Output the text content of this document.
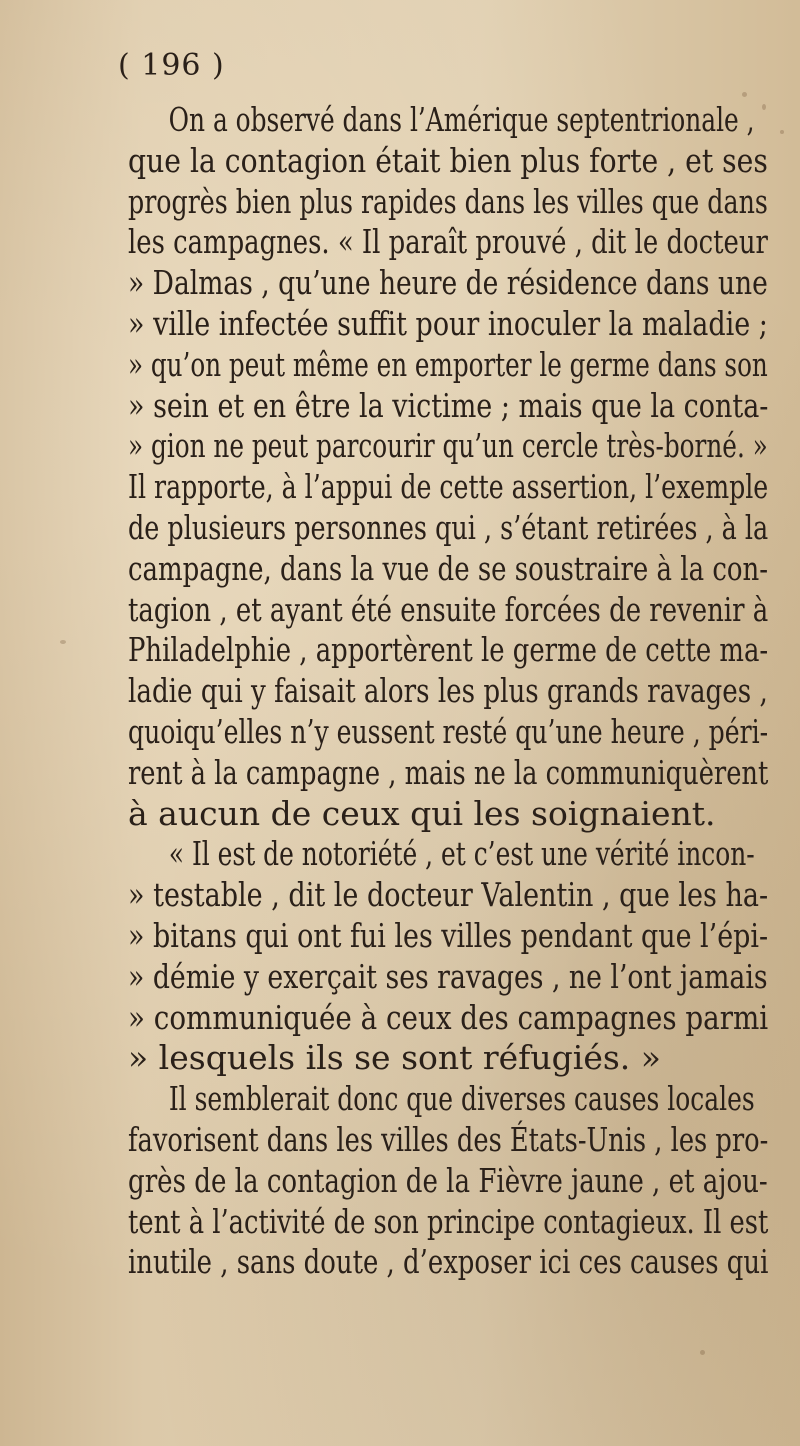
( 196 )
On a observé dans l’Amérique septentrionale ,
que la contagion était bien plus forte , et ses
progrès bien plus rapides dans les villes que dans
les campagnes. « Il paraît prouvé , dit le docteur
» Dalmas , qu’une heure de résidence dans une
» ville infectée suffit pour inoculer la maladie ;
» qu’on peut même en emporter le germe dans son
» sein et en être la victime ; mais que la conta-
» gion ne peut parcourir qu’un cercle très-borné. »
Il rapporte, à l’appui de cette assertion, l’exemple
de plusieurs personnes qui , s’étant retirées , à la
campagne, dans la vue de se soustraire à la con-
tagion , et ayant été ensuite forcées de revenir à
Philadelphie , apportèrent le germe de cette ma-
ladie qui y faisait alors les plus grands ravages ,
quoiqu’elles n’y eussent resté qu’une heure , péri-
rent à la campagne , mais ne la communiquèrent
à aucun de ceux qui les soignaient.
« Il est de notoriété , et c’est une vérité incon-
» testable , dit le docteur Valentin , que les ha-
» bitans qui ont fui les villes pendant que l’épi-
» démie y exerçait ses ravages , ne l’ont jamais
» communiquée à ceux des campagnes parmi
» lesquels ils se sont réfugiés. »
Il semblerait donc que diverses causes locales
favorisent dans les villes des États-Unis , les pro-
grès de la contagion de la Fièvre jaune , et ajou-
tent à l’activité de son principe contagieux. Il est
inutile , sans doute , d’exposer ici ces causes qui
